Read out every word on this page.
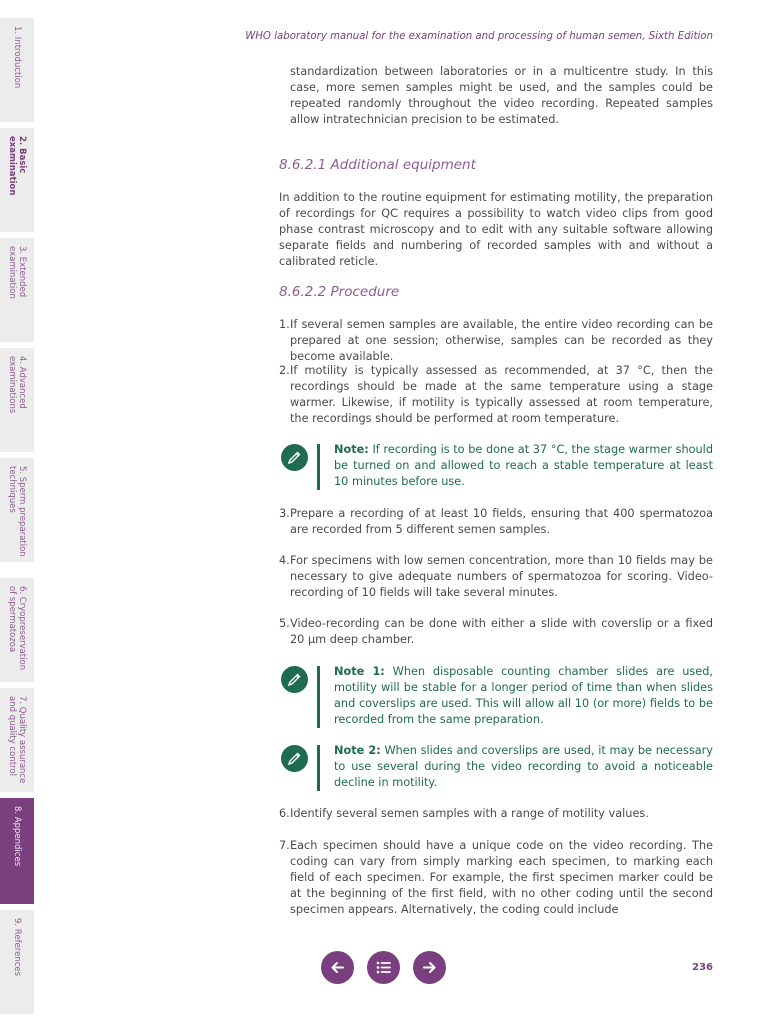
1. Introduction
2. Basic
examination
3. Extended
examination
4. Advanced
examinations
5. Sperm preparation
techniques
6. Cryopreservation
of spermatozoa
7. Quality assurance
and quality control
8. Appendices
9. References
WHO laboratory manual for the examination and processing of human semen, Sixth Edition

standardization between laboratories or in a multicentre study. In this case, more semen samples might be used, and the samples could be repeated randomly throughout the video recording. Repeated samples allow intratechnician precision to be estimated.

8.6.2.1 Additional equipment

In addition to the routine equipment for estimating motility, the preparation of recordings for QC requires a possibility to watch video clips from good phase contrast microscopy and to edit with any suitable software allowing separate fields and numbering of recorded samples with and without a calibrated reticle.

8.6.2.2 Procedure
1. If several semen samples are available, the entire video recording can be prepared at one session; otherwise, samples can be recorded as they become available.
2. If motility is typically assessed as recommended, at 37 °C, then the recordings should be made at the same temperature using a stage warmer. Likewise, if motility is typically assessed at room temperature, the recordings should be performed at room temperature.
Note: If recording is to be done at 37 °C, the stage warmer should be turned on and allowed to reach a stable temperature at least 10 minutes before use.
3. Prepare a recording of at least 10 fields, ensuring that 400 spermatozoa are recorded from 5 different semen samples.
4. For specimens with low semen concentration, more than 10 fields may be necessary to give adequate numbers of spermatozoa for scoring. Video-recording of 10 fields will take several minutes.
5. Video-recording can be done with either a slide with coverslip or a fixed 20 µm deep chamber.
Note 1: When disposable counting chamber slides are used, motility will be stable for a longer period of time than when slides and coverslips are used. This will allow all 10 (or more) fields to be recorded from the same preparation.
Note 2: When slides and coverslips are used, it may be necessary to use several during the video recording to avoid a noticeable decline in motility.
6. Identify several semen samples with a range of motility values.
7. Each specimen should have a unique code on the video recording. The coding can vary from simply marking each specimen, to marking each field of each specimen. For example, the first specimen marker could be at the beginning of the first field, with no other coding until the second specimen appears. Alternatively, the coding could include
236
